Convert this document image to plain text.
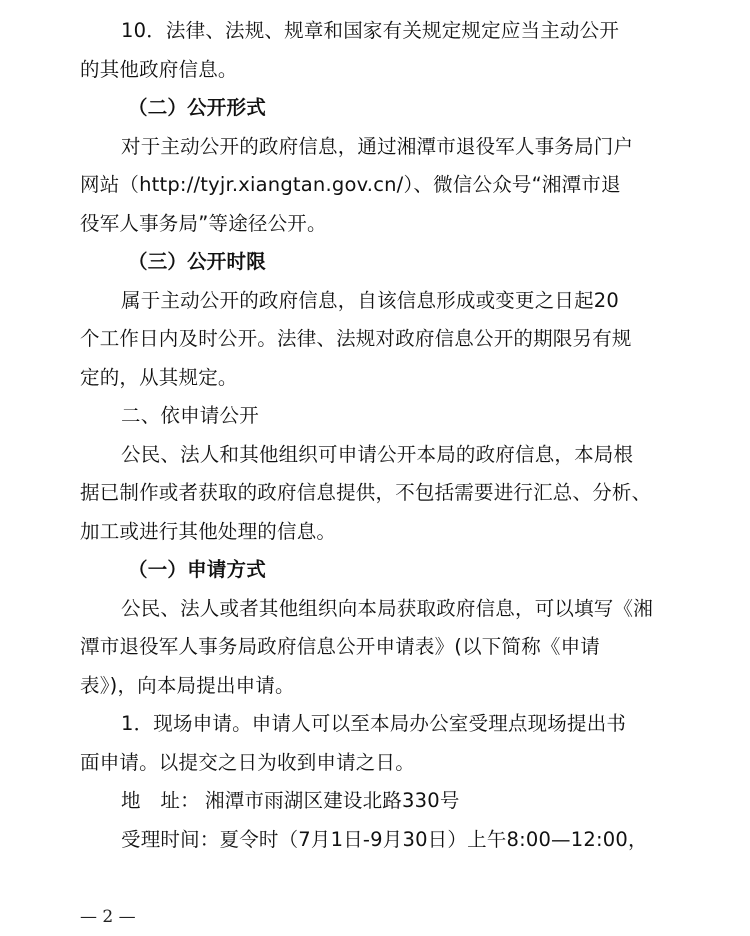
10．法律、法规、规章和国家有关规定规定应当主动公开
的其他政府信息。
（二）公开形式
对于主动公开的政府信息，通过湘潭市退役军人事务局门户
网站（http://tyjr.xiangtan.gov.cn/）、微信公众号“湘潭市退
役军人事务局”等途径公开。
（三）公开时限
属于主动公开的政府信息，自该信息形成或变更之日起20
个工作日内及时公开。法律、法规对政府信息公开的期限另有规
定的，从其规定。
二、依申请公开
公民、法人和其他组织可申请公开本局的政府信息，本局根
据已制作或者获取的政府信息提供，不包括需要进行汇总、分析、
加工或进行其他处理的信息。
（一）申请方式
公民、法人或者其他组织向本局获取政府信息，可以填写《湘
潭市退役军人事务局政府信息公开申请表》(以下简称《申请
表》)，向本局提出申请。
1．现场申请。申请人可以至本局办公室受理点现场提出书
面申请。以提交之日为收到申请之日。
地　址： 湘潭市雨湖区建设北路330号
受理时间：夏令时（7月1日-9月30日）上午8:00—12:00，
— 2 —
